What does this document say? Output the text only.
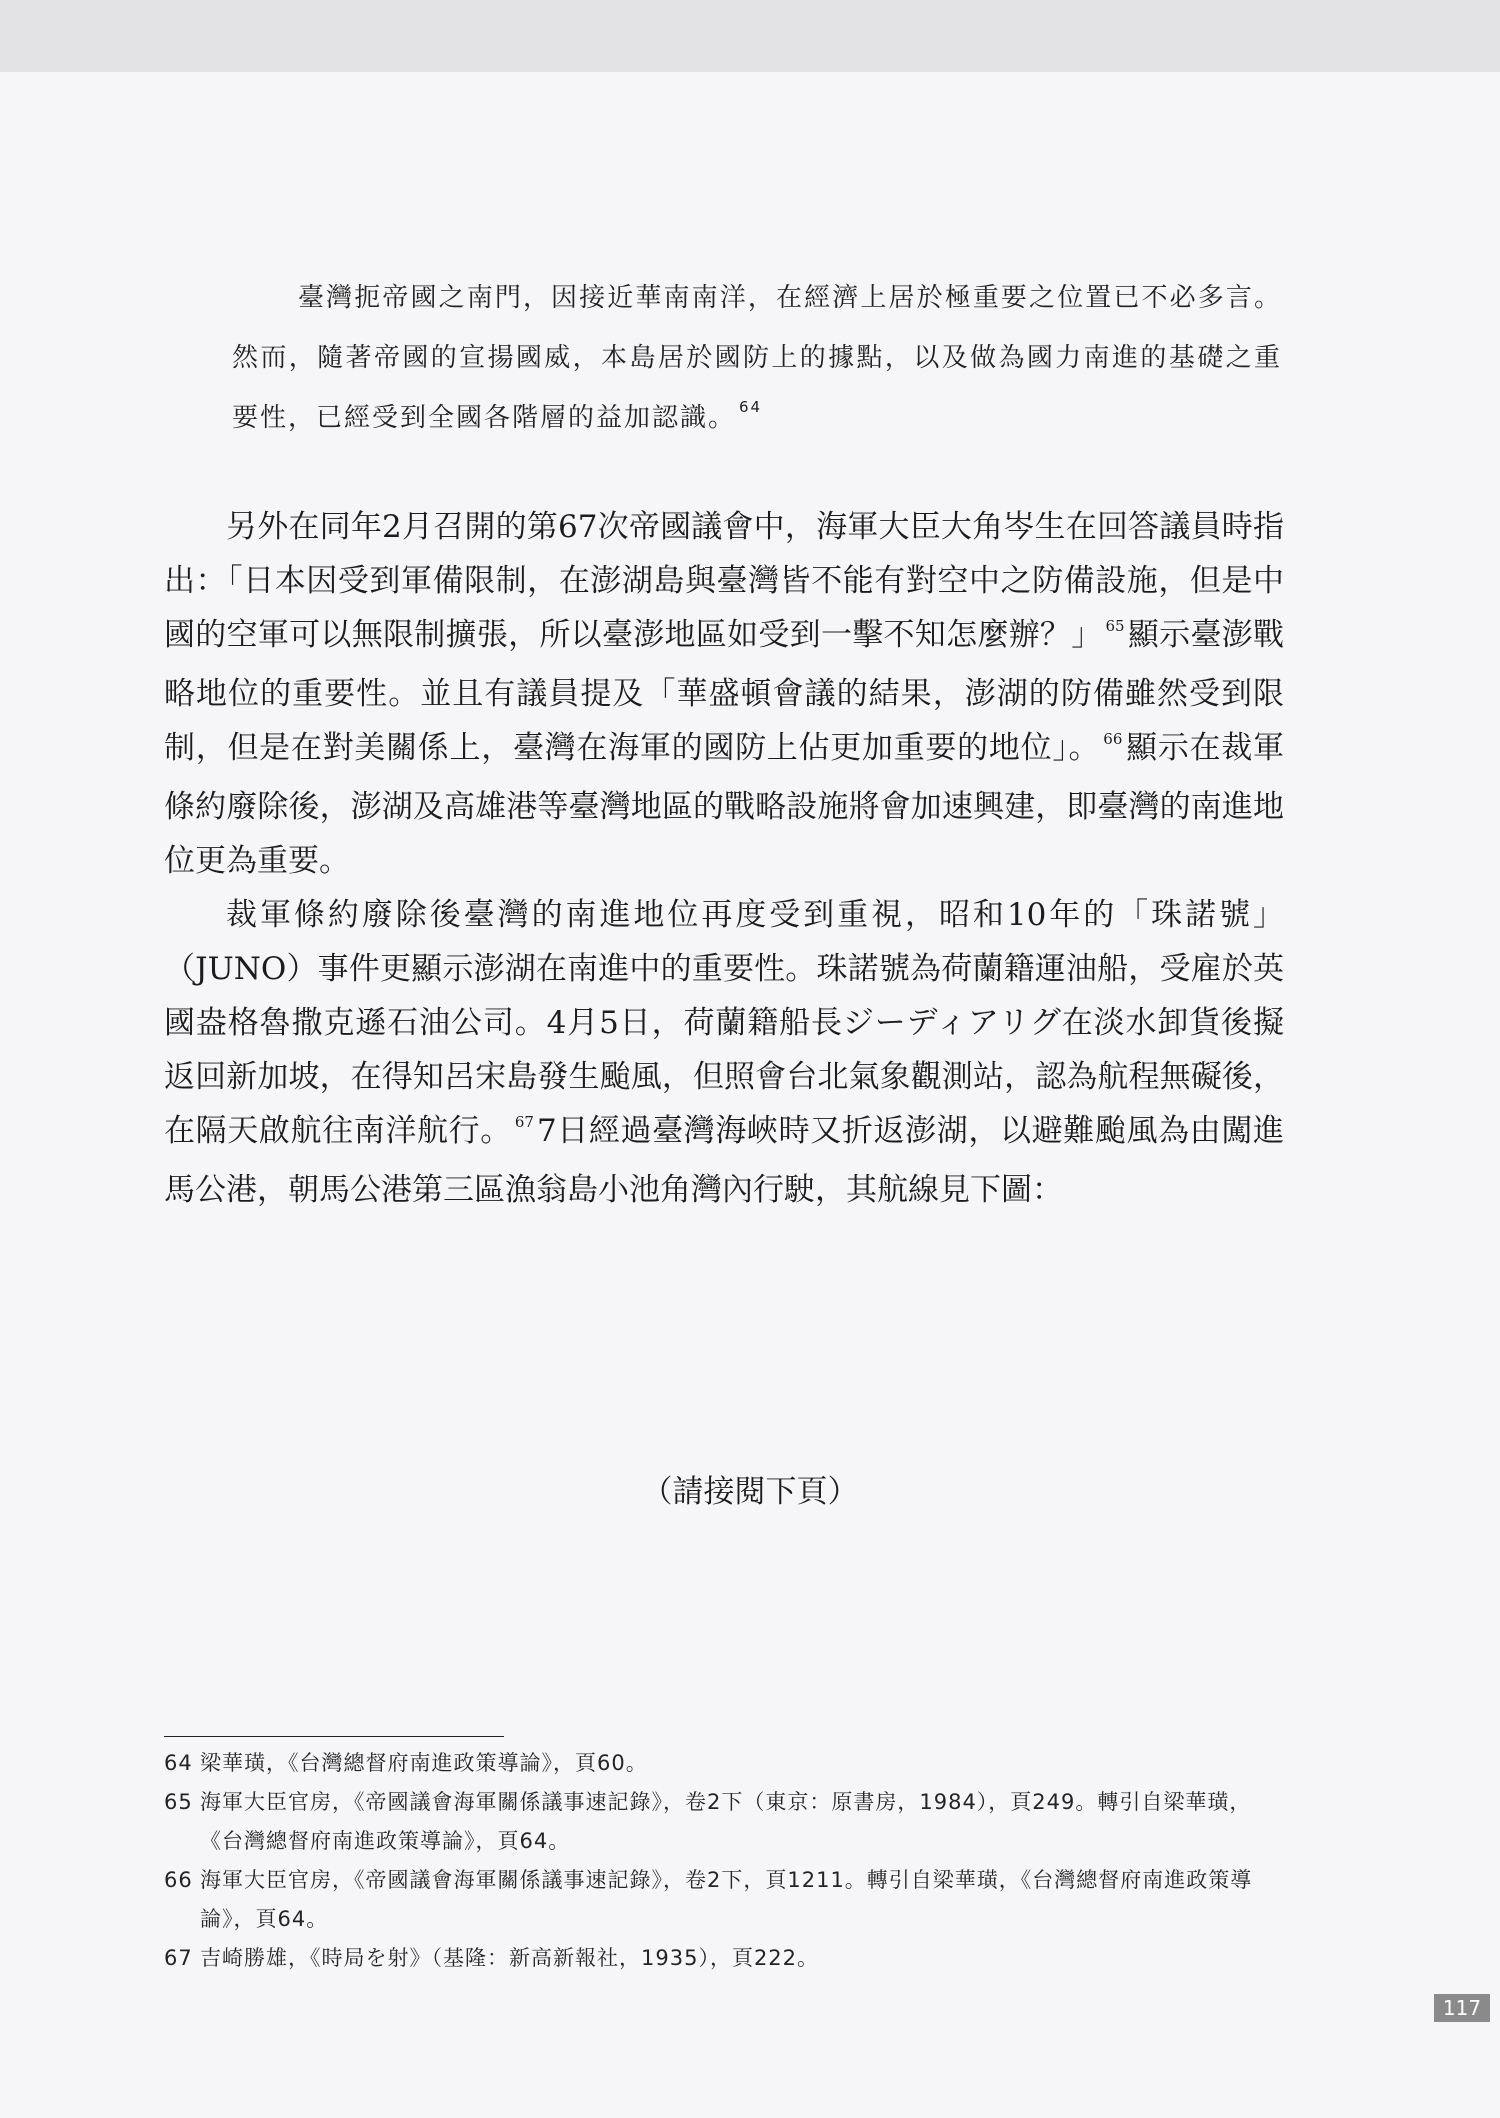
臺灣扼帝國之南門，因接近華南南洋，在經濟上居於極重要之位置已不必多言。然而，隨著帝國的宣揚國威，本島居於國防上的據點，以及做為國力南進的基礎之重要性，已經受到全國各階層的益加認識。 $^{64}$

另外在同年2月召開的第67次帝國議會中，海軍大臣大角岑生在回答議員時指出：「日本因受到軍備限制，在澎湖島與臺灣皆不能有對空中之防備設施，但是中國的空軍可以無限制擴張，所以臺澎地區如受到一擊不知怎麼辦？」 $^{65}$顯示臺澎戰略地位的重要性。並且有議員提及「華盛頓會議的結果，澎湖的防備雖然受到限制，但是在對美關係上，臺灣在海軍的國防上佔更加重要的地位」。 $^{66}$顯示在裁軍條約廢除後，澎湖及高雄港等臺灣地區的戰略設施將會加速興建，即臺灣的南進地位更為重要。

裁軍條約廢除後臺灣的南進地位再度受到重視，昭和10年的「珠諾號」（JUNO）事件更顯示澎湖在南進中的重要性。珠諾號為荷蘭籍運油船，受雇於英國盎格魯撒克遜石油公司。4月5日，荷蘭籍船長ジーディアリグ在淡水卸貨後擬返回新加坡，在得知呂宋島發生颱風，但照會台北氣象觀測站，認為航程無礙後，在隔天啟航往南洋航行。 $^{67}$7日經過臺灣海峽時又折返澎湖，以避難颱風為由闖進馬公港，朝馬公港第三區漁翁島小池角灣內行駛，其航線見下圖：

（請接閱下頁）
64 梁華璜，《台灣總督府南進政策導論》，頁60。
65 海軍大臣官房，《帝國議會海軍關係議事速記錄》，卷2下（東京：原書房，1984），頁249。轉引自梁華璜，《台灣總督府南進政策導論》，頁64。
66 海軍大臣官房，《帝國議會海軍關係議事速記錄》，卷2下，頁1211。轉引自梁華璜，《台灣總督府南進政策導論》，頁64。
67 吉崎勝雄，《時局を射》（基隆：新高新報社，1935），頁222。
117
